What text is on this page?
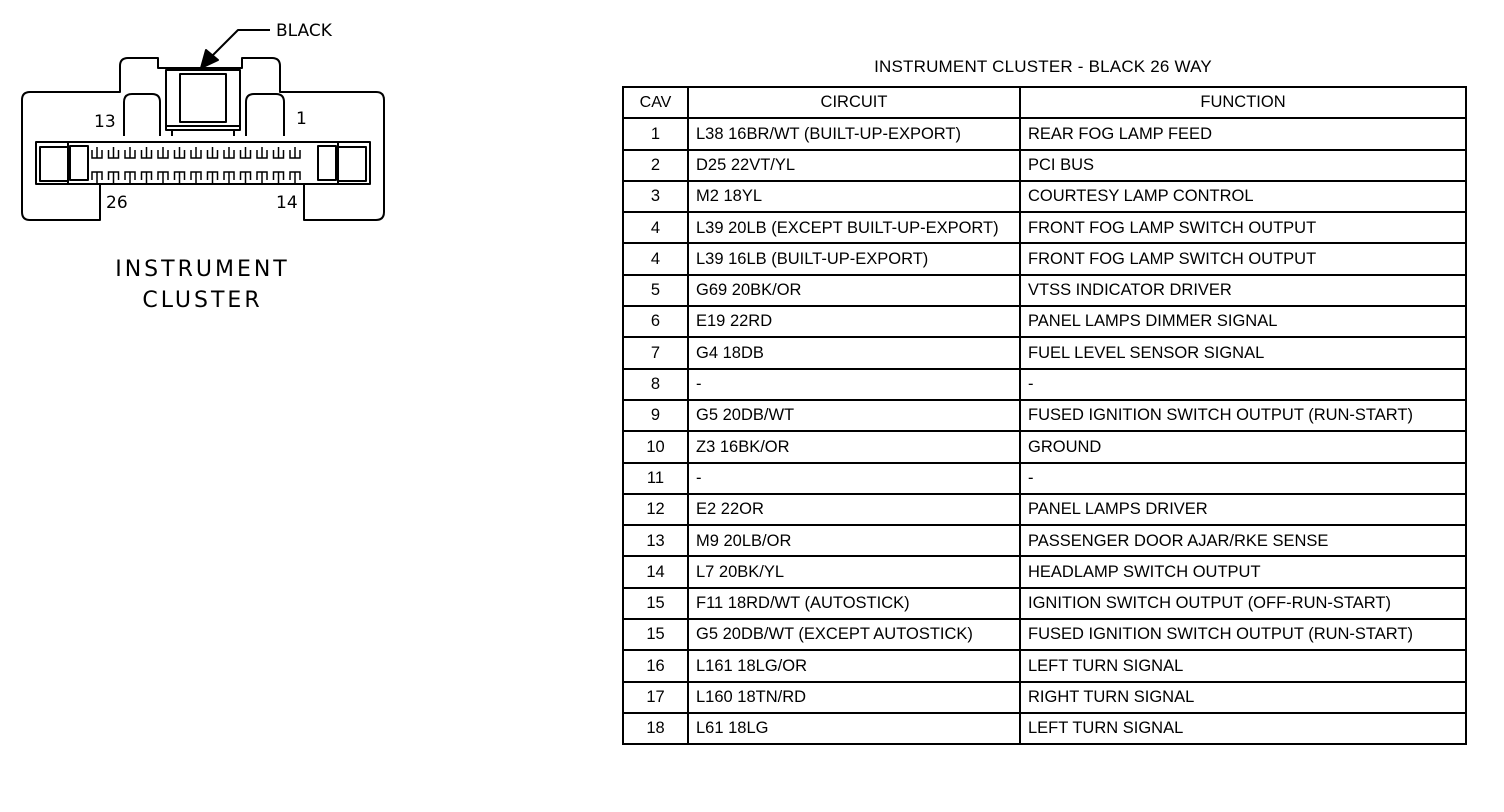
BLACK
13	1
26	14
INSTRUMENT
CLUSTER
INSTRUMENT CLUSTER - BLACK 26 WAY
CAV	CIRCUIT	FUNCTION
1	L38 16BR/WT (BUILT-UP-EXPORT)	REAR FOG LAMP FEED
2	D25 22VT/YL	PCI BUS
3	M2 18YL	COURTESY LAMP CONTROL
4	L39 20LB (EXCEPT BUILT-UP-EXPORT)	FRONT FOG LAMP SWITCH OUTPUT
4	L39 16LB (BUILT-UP-EXPORT)	FRONT FOG LAMP SWITCH OUTPUT
5	G69 20BK/OR	VTSS INDICATOR DRIVER
6	E19 22RD	PANEL LAMPS DIMMER SIGNAL
7	G4 18DB	FUEL LEVEL SENSOR SIGNAL
8	-	-
9	G5 20DB/WT	FUSED IGNITION SWITCH OUTPUT (RUN-START)
10	Z3 16BK/OR	GROUND
11	-	-
12	E2 22OR	PANEL LAMPS DRIVER
13	M9 20LB/OR	PASSENGER DOOR AJAR/RKE SENSE
14	L7 20BK/YL	HEADLAMP SWITCH OUTPUT
15	F11 18RD/WT (AUTOSTICK)	IGNITION SWITCH OUTPUT (OFF-RUN-START)
15	G5 20DB/WT (EXCEPT AUTOSTICK)	FUSED IGNITION SWITCH OUTPUT (RUN-START)
16	L161 18LG/OR	LEFT TURN SIGNAL
17	L160 18TN/RD	RIGHT TURN SIGNAL
18	L61 18LG	LEFT TURN SIGNAL
